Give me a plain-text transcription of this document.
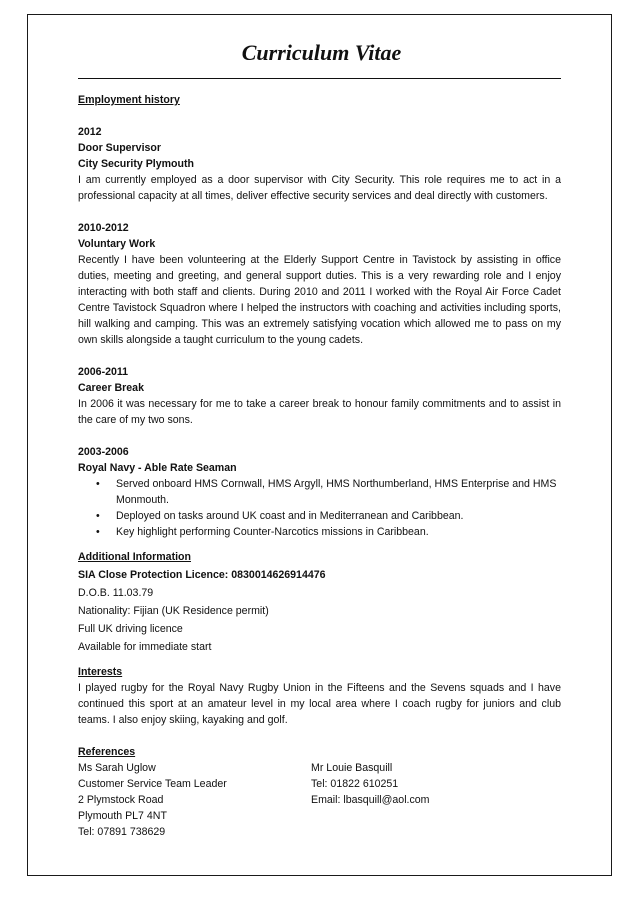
Curriculum Vitae

Employment history

2012

Door Supervisor

City Security Plymouth

I am currently employed as a door supervisor with City Security. This role requires me to act in a professional capacity at all times, deliver effective security services and deal directly with customers.

2010-2012

Voluntary Work

Recently I have been volunteering at the Elderly Support Centre in Tavistock by assisting in office duties, meeting and greeting, and general support duties. This is a very rewarding role and I enjoy interacting with both staff and clients. During 2010 and 2011 I worked with the Royal Air Force Cadet Centre Tavistock Squadron where I helped the instructors with coaching and activities including sports, hill walking and camping. This was an extremely satisfying vocation which allowed me to pass on my own skills alongside a taught curriculum to the young cadets.

2006-2011

Career Break

In 2006 it was necessary for me to take a career break to honour family commitments and to assist in the care of my two sons.

2003-2006

Royal Navy - Able Rate Seaman

• Served onboard HMS Cornwall, HMS Argyll, HMS Northumberland, HMS Enterprise and HMS Monmouth.
• Deployed on tasks around UK coast and in Mediterranean and Caribbean.
• Key highlight performing Counter-Narcotics missions in Caribbean.

Additional Information

SIA Close Protection Licence: 0830014626914476

D.O.B. 11.03.79

Nationality: Fijian (UK Residence permit)

Full UK driving licence

Available for immediate start

Interests

I played rugby for the Royal Navy Rugby Union in the Fifteens and the Sevens squads and I have continued this sport at an amateur level in my local area where I coach rugby for juniors and club teams. I also enjoy skiing, kayaking and golf.

References

Ms Sarah Uglow

Customer Service Team Leader

2 Plymstock Road

Plymouth PL7 4NT

Tel: 07891 738629

Mr Louie Basquill

Tel: 01822 610251

Email: lbasquill@aol.com
